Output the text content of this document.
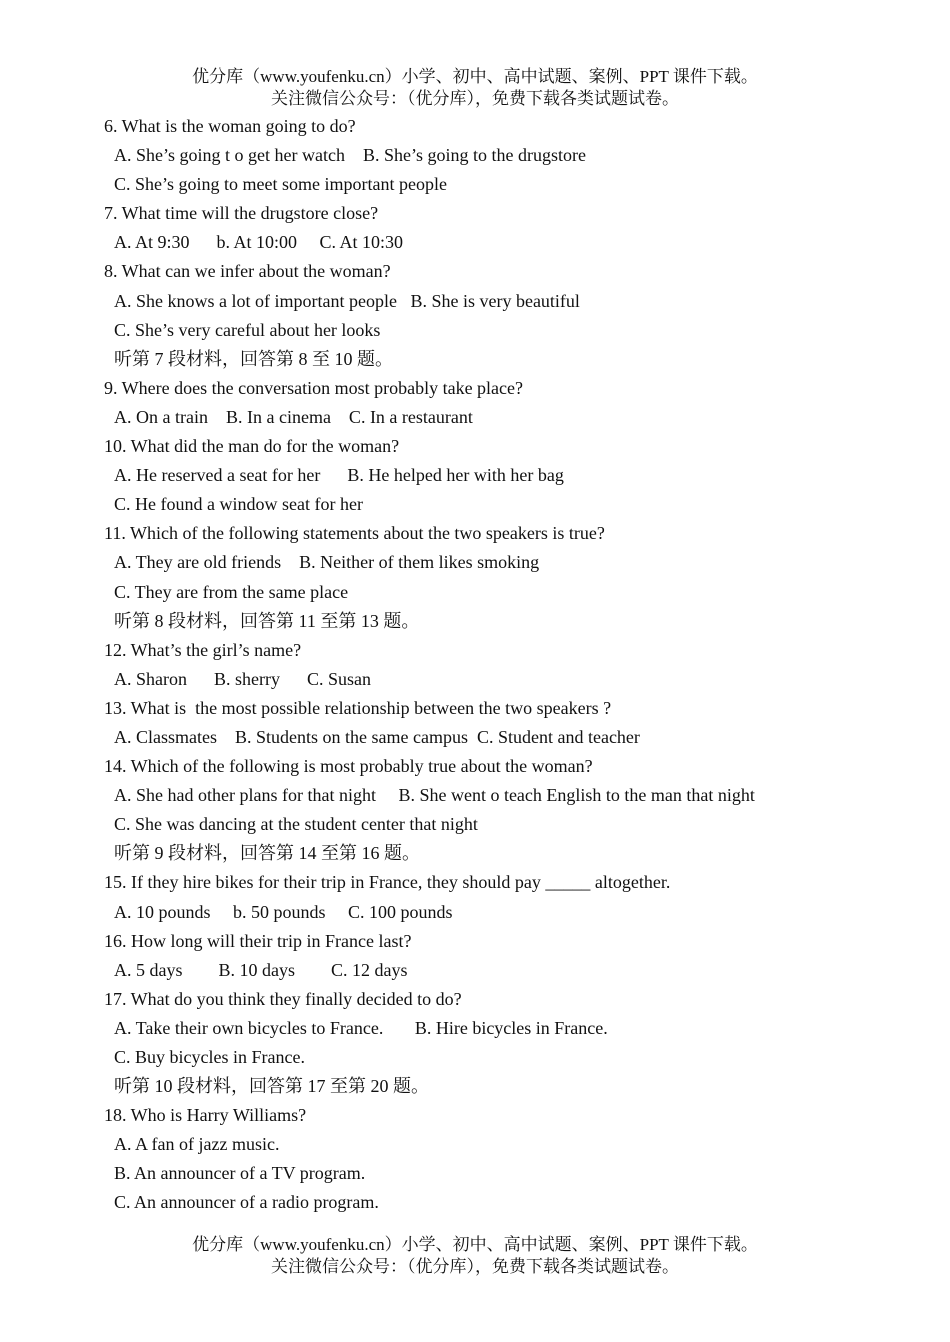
优分库（www.youfenku.cn）小学、初中、高中试题、案例、PPT 课件下载。
关注微信公众号：（优分库），免费下载各类试题试卷。
6. What is the woman going to do?
A. She’s going t o get her watch    B. She’s going to the drugstore
C. She’s going to meet some important people
7. What time will the drugstore close?
A. At 9:30      b. At 10:00     C. At 10:30
8. What can we infer about the woman?
A. She knows a lot of important people   B. She is very beautiful
C. She’s very careful about her looks
听第 7 段材料，回答第 8 至 10 题。
9. Where does the conversation most probably take place?
A. On a train    B. In a cinema    C. In a restaurant
10. What did the man do for the woman?
A. He reserved a seat for her      B. He helped her with her bag
C. He found a window seat for her
11. Which of the following statements about the two speakers is true?
A. They are old friends    B. Neither of them likes smoking
C. They are from the same place
听第 8 段材料，回答第 11 至第 13 题。
12. What’s the girl’s name?
A. Sharon      B. sherry      C. Susan
13. What is  the most possible relationship between the two speakers ?
A. Classmates    B. Students on the same campus  C. Student and teacher
14. Which of the following is most probably true about the woman?
A. She had other plans for that night     B. She went o teach English to the man that night
C. She was dancing at the student center that night
听第 9 段材料，回答第 14 至第 16 题。
15. If they hire bikes for their trip in France, they should pay _____ altogether.
A. 10 pounds     b. 50 pounds     C. 100 pounds
16. How long will their trip in France last?
A. 5 days        B. 10 days        C. 12 days
17. What do you think they finally decided to do?
A. Take their own bicycles to France.       B. Hire bicycles in France.
C. Buy bicycles in France.
听第 10 段材料，回答第 17 至第 20 题。
18. Who is Harry Williams?
A. A fan of jazz music.
B. An announcer of a TV program.
C. An announcer of a radio program.
优分库（www.youfenku.cn）小学、初中、高中试题、案例、PPT 课件下载。
关注微信公众号：（优分库），免费下载各类试题试卷。
